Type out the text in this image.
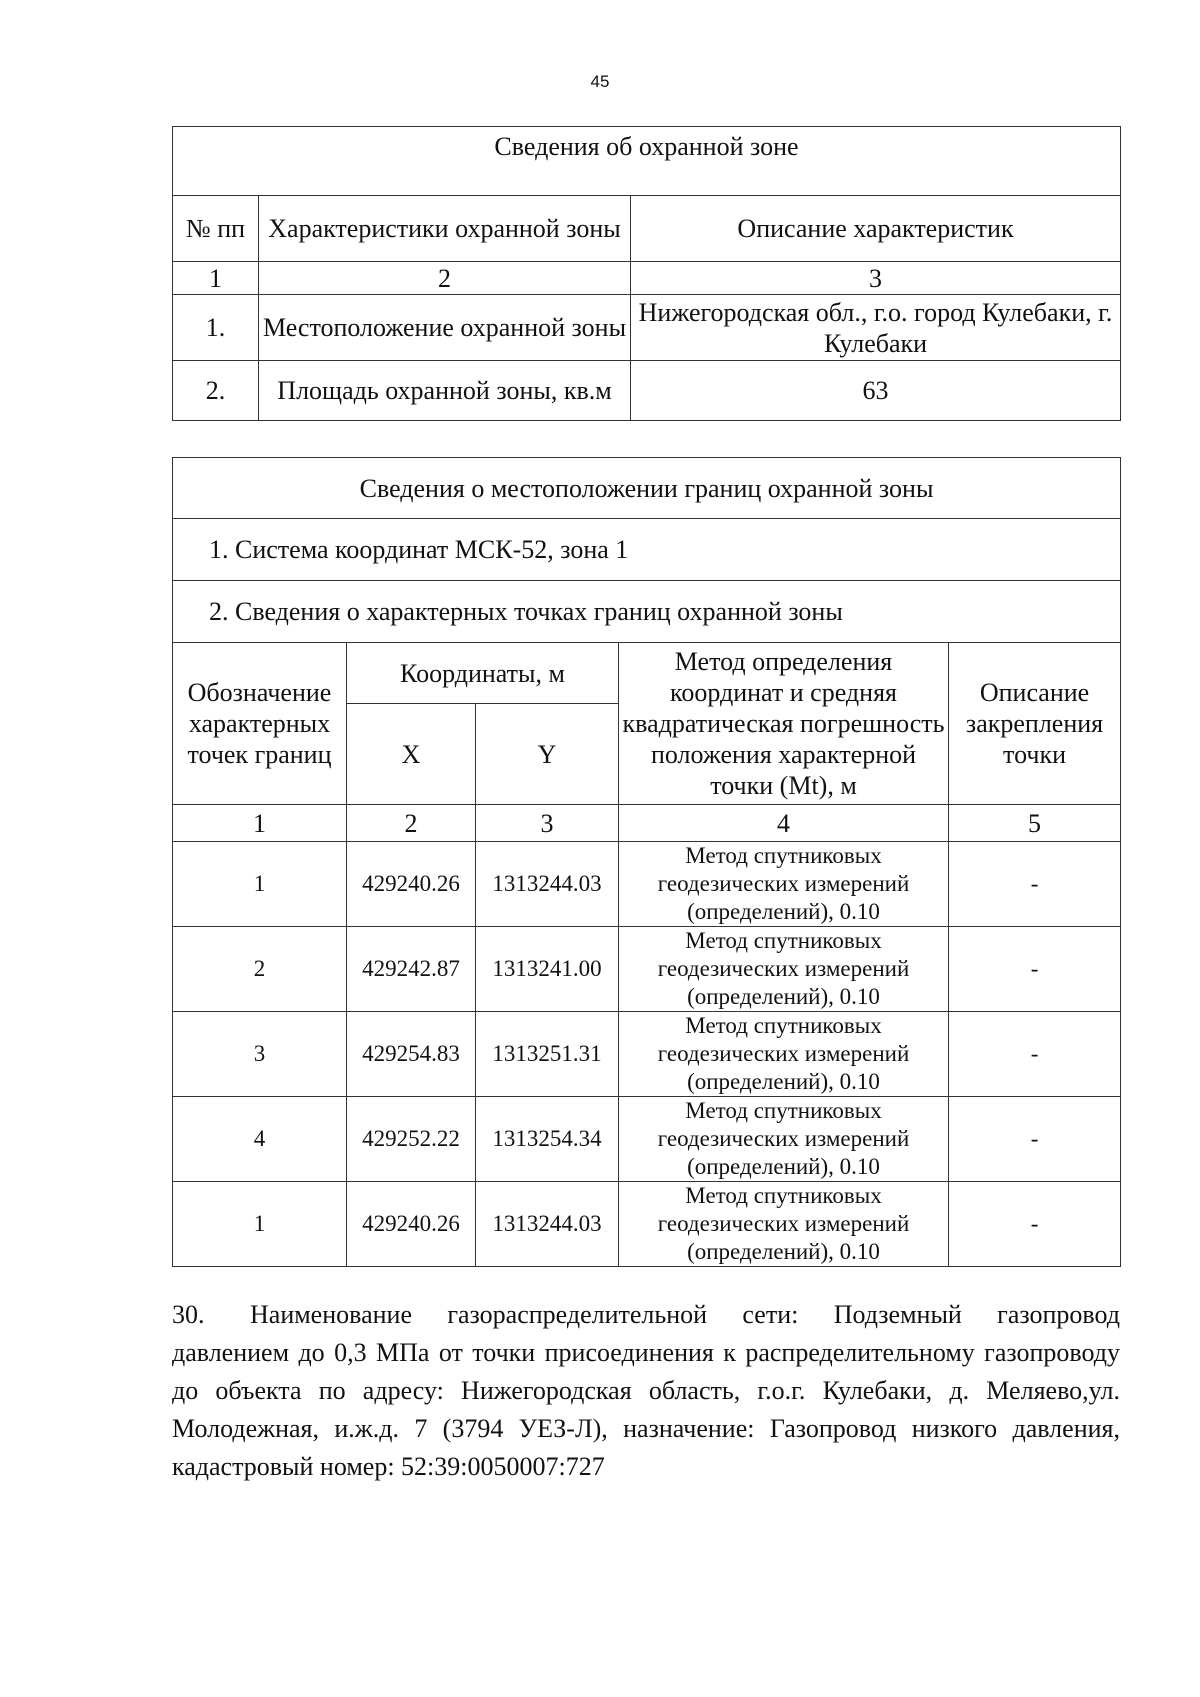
45
Сведения об охранной зоне		
№ пп	Характеристики охранной зоны	Описание характеристик
1	2	3
1.	Местоположение охранной зоны	Нижегородская обл., г.о. город Кулебаки, г. Кулебаки
2.	Площадь охранной зоны, кв.м	63
Сведения о местоположении границ охранной зоны				
1. Система координат МСК-52, зона 1				
2. Сведения о характерных точках границ охранной зоны				
Обозначение характерных точек границ	Координаты, м		Метод определения координат и средняя квадратическая погрешность положения характерной точки (Mt), м	Описание закрепления точки
	X	Y		
1	2	3	4	5
1	429240.26	1313244.03	Метод спутниковых геодезических измерений (определений), 0.10	-
2	429242.87	1313241.00	Метод спутниковых геодезических измерений (определений), 0.10	-
3	429254.83	1313251.31	Метод спутниковых геодезических измерений (определений), 0.10	-
4	429252.22	1313254.34	Метод спутниковых геодезических измерений (определений), 0.10	-
1	429240.26	1313244.03	Метод спутниковых геодезических измерений (определений), 0.10	-
30. Наименование газораспределительной сети: Подземный газопровод давлением до 0,3 МПа от точки присоединения к распределительному газопроводу до объекта по адресу: Нижегородская область, г.о.г. Кулебаки, д. Меляево,ул. Молодежная, и.ж.д. 7 (3794 УЕЗ-Л), назначение: Газопровод низкого давления, кадастровый номер: 52:39:0050007:727
